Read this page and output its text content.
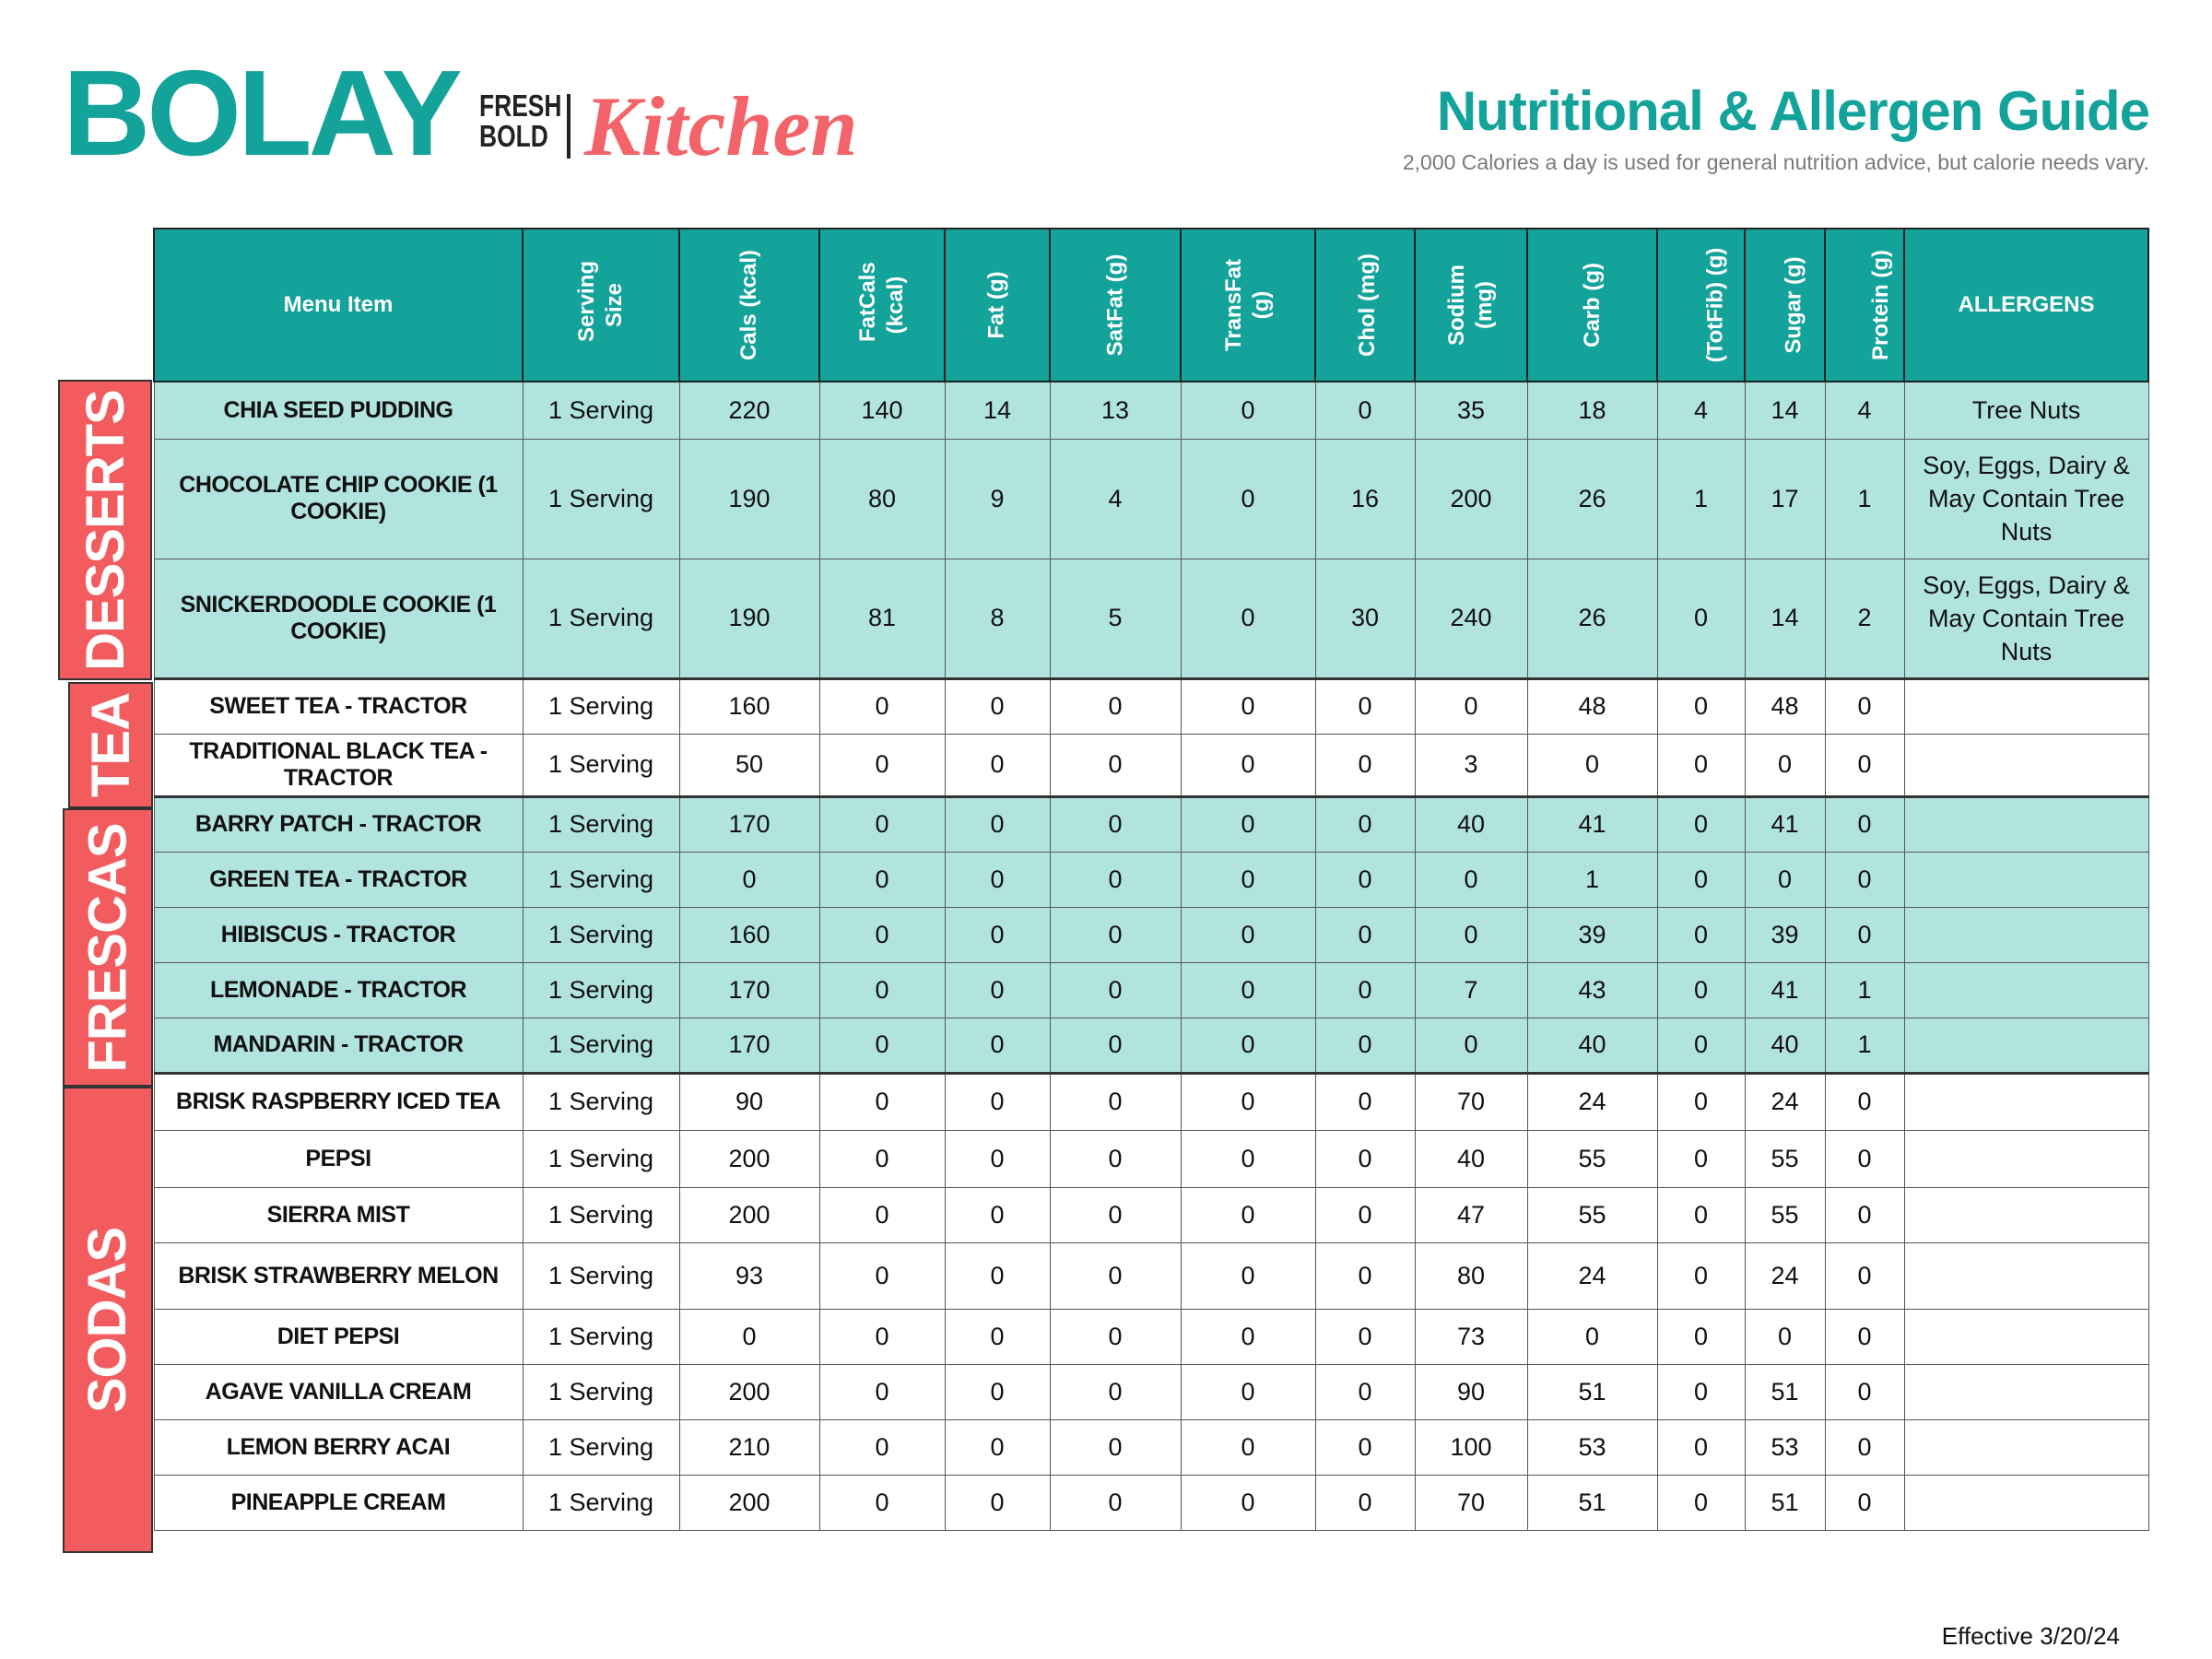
BOLAY FRESH
BOLD Kitchen	Nutritional & Allergen Guide
2,000 Calories a day is used for general nutrition advice, but calorie needs vary.
DESSERTS
TEA
FRESCAS
SODAS
Menu Item	Serving Size	Cals (kcal)	FatCals (kcal)	Fat (g)	SatFat (g)	TransFat (g)	Chol (mg)	Sodium (mg)	Carb (g)	(TotFib) (g)	Sugar (g)	Protein (g)	ALLERGENS
CHIA SEED PUDDING	1 Serving	220	140	14	13	0	0	35	18	4	14	4	Tree Nuts
CHOCOLATE CHIP COOKIE (1 COOKIE)	1 Serving	190	80	9	4	0	16	200	26	1	17	1	Soy, Eggs, Dairy & May Contain Tree Nuts
SNICKERDOODLE COOKIE (1 COOKIE)	1 Serving	190	81	8	5	0	30	240	26	0	14	2	Soy, Eggs, Dairy & May Contain Tree Nuts
SWEET TEA - TRACTOR	1 Serving	160	0	0	0	0	0	0	48	0	48	0	
TRADITIONAL BLACK TEA - TRACTOR	1 Serving	50	0	0	0	0	0	3	0	0	0	0	
BARRY PATCH - TRACTOR	1 Serving	170	0	0	0	0	0	40	41	0	41	0	
GREEN TEA - TRACTOR	1 Serving	0	0	0	0	0	0	0	1	0	0	0	
HIBISCUS - TRACTOR	1 Serving	160	0	0	0	0	0	0	39	0	39	0	
LEMONADE - TRACTOR	1 Serving	170	0	0	0	0	0	7	43	0	41	1	
MANDARIN - TRACTOR	1 Serving	170	0	0	0	0	0	0	40	0	40	1	
BRISK RASPBERRY ICED TEA	1 Serving	90	0	0	0	0	0	70	24	0	24	0	
PEPSI	1 Serving	200	0	0	0	0	0	40	55	0	55	0	
SIERRA MIST	1 Serving	200	0	0	0	0	0	47	55	0	55	0	
BRISK STRAWBERRY MELON	1 Serving	93	0	0	0	0	0	80	24	0	24	0	
DIET PEPSI	1 Serving	0	0	0	0	0	0	73	0	0	0	0	
AGAVE VANILLA CREAM	1 Serving	200	0	0	0	0	0	90	51	0	51	0	
LEMON BERRY ACAI	1 Serving	210	0	0	0	0	0	100	53	0	53	0	
PINEAPPLE CREAM	1 Serving	200	0	0	0	0	0	70	51	0	51	0	
Effective 3/20/24
